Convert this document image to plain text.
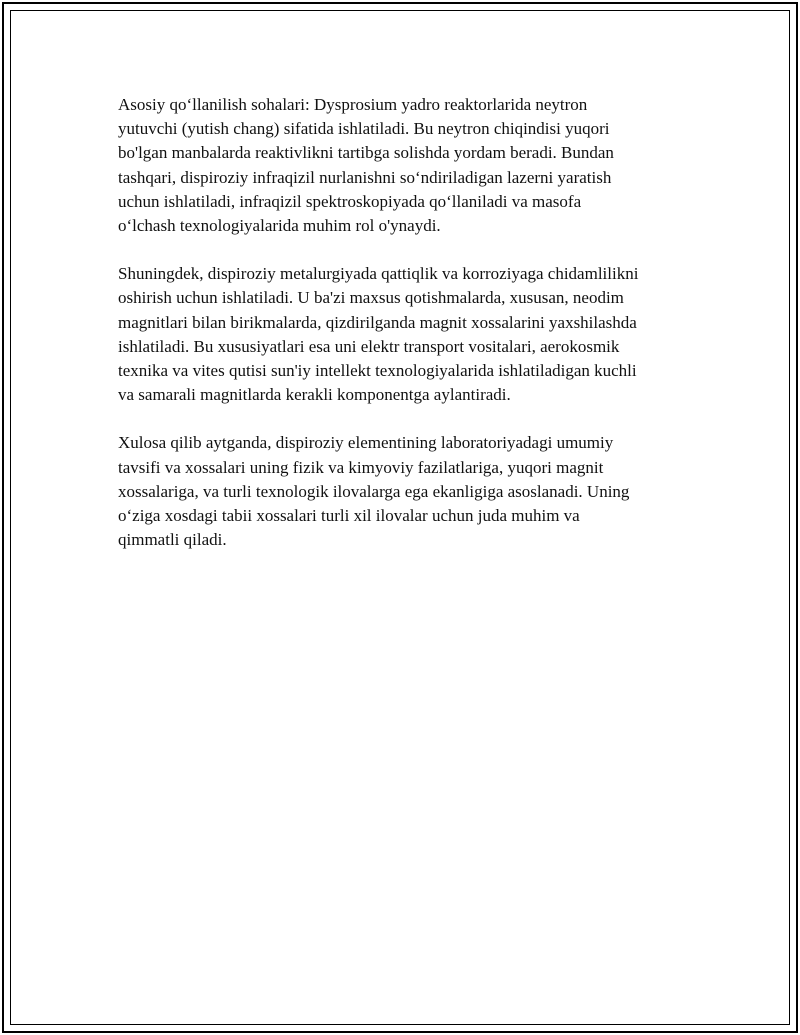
Asosiy qo‘llanilish sohalari: Dysprosium yadro reaktorlarida neytron
yutuvchi (yutish chang) sifatida ishlatiladi. Bu neytron chiqindisi yuqori
bo'lgan manbalarda reaktivlikni tartibga solishda yordam beradi. Bundan
tashqari, dispiroziy infraqizil nurlanishni so‘ndiriladigan lazerni yaratish
uchun ishlatiladi, infraqizil spektroskopiyada qo‘llaniladi va masofa
o‘lchash texnologiyalarida muhim rol o'ynaydi.

Shuningdek, dispiroziy metalurgiyada qattiqlik va korroziyaga chidamlilikni
oshirish uchun ishlatiladi. U ba'zi maxsus qotishmalarda, xususan, neodim
magnitlari bilan birikmalarda, qizdirilganda magnit xossalarini yaxshilashda
ishlatiladi. Bu xususiyatlari esa uni elektr transport vositalari, aerokosmik
texnika va vites qutisi sun'iy intellekt texnologiyalarida ishlatiladigan kuchli
va samarali magnitlarda kerakli komponentga aylantiradi.

Xulosa qilib aytganda, dispiroziy elementining laboratoriyadagi umumiy
tavsifi va xossalari uning fizik va kimyoviy fazilatlariga, yuqori magnit
xossalariga, va turli texnologik ilovalarga ega ekanligiga asoslanadi. Uning
o‘ziga xosdagi tabii xossalari turli xil ilovalar uchun juda muhim va
qimmatli qiladi.
